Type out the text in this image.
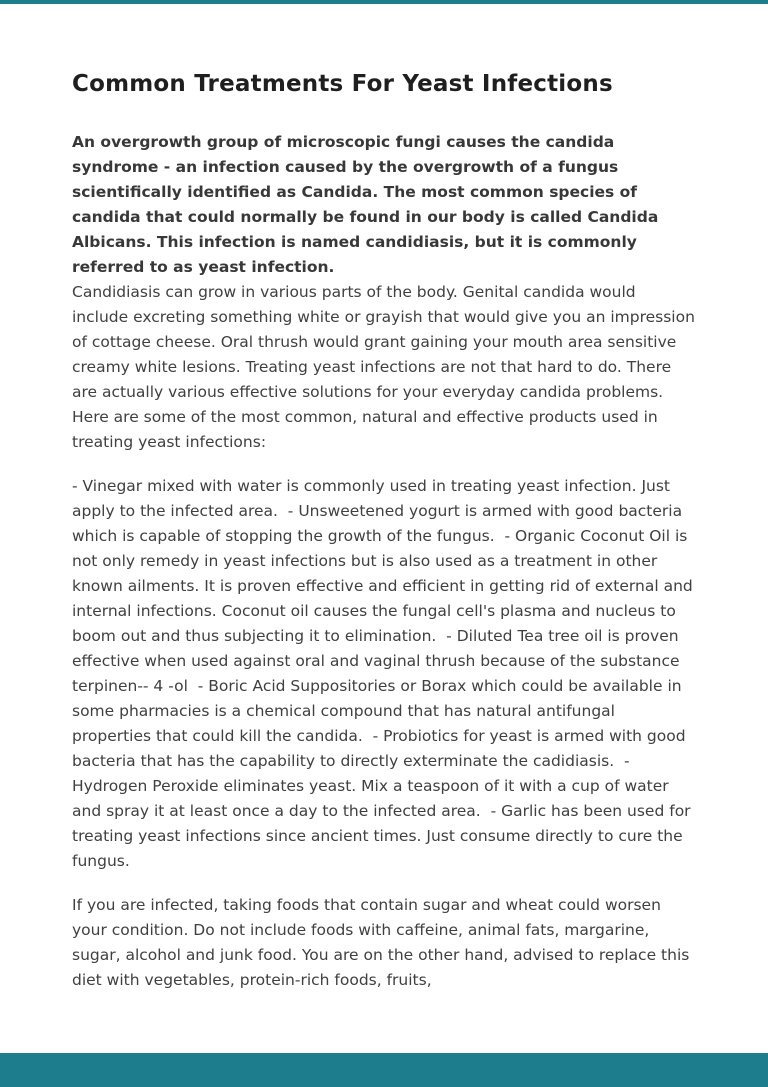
Common Treatments For Yeast Infections

An overgrowth group of microscopic fungi causes the candida syndrome - an infection caused by the overgrowth of a fungus scientifically identified as Candida. The most common species of candida that could normally be found in our body is called Candida Albicans. This infection is named candidiasis, but it is commonly referred to as yeast infection.

Candidiasis can grow in various parts of the body. Genital candida would include excreting something white or grayish that would give you an impression of cottage cheese. Oral thrush would grant gaining your mouth area sensitive creamy white lesions. Treating yeast infections are not that hard to do. There are actually various effective solutions for your everyday candida problems. Here are some of the most common, natural and effective products used in treating yeast infections:

- Vinegar mixed with water is commonly used in treating yeast infection. Just apply to the infected area.  - Unsweetened yogurt is armed with good bacteria which is capable of stopping the growth of the fungus.  - Organic Coconut Oil is not only remedy in yeast infections but is also used as a treatment in other known ailments. It is proven effective and efficient in getting rid of external and internal infections. Coconut oil causes the fungal cell's plasma and nucleus to boom out and thus subjecting it to elimination.  - Diluted Tea tree oil is proven effective when used against oral and vaginal thrush because of the substance terpinen-- 4 -ol  - Boric Acid Suppositories or Borax which could be available in some pharmacies is a chemical compound that has natural antifungal properties that could kill the candida.  - Probiotics for yeast is armed with good bacteria that has the capability to directly exterminate the cadidiasis.  - Hydrogen Peroxide eliminates yeast. Mix a teaspoon of it with a cup of water and spray it at least once a day to the infected area.  - Garlic has been used for treating yeast infections since ancient times. Just consume directly to cure the fungus.

If you are infected, taking foods that contain sugar and wheat could worsen your condition. Do not include foods with caffeine, animal fats, margarine, sugar, alcohol and junk food. You are on the other hand, advised to replace this diet with vegetables, protein-rich foods, fruits,
